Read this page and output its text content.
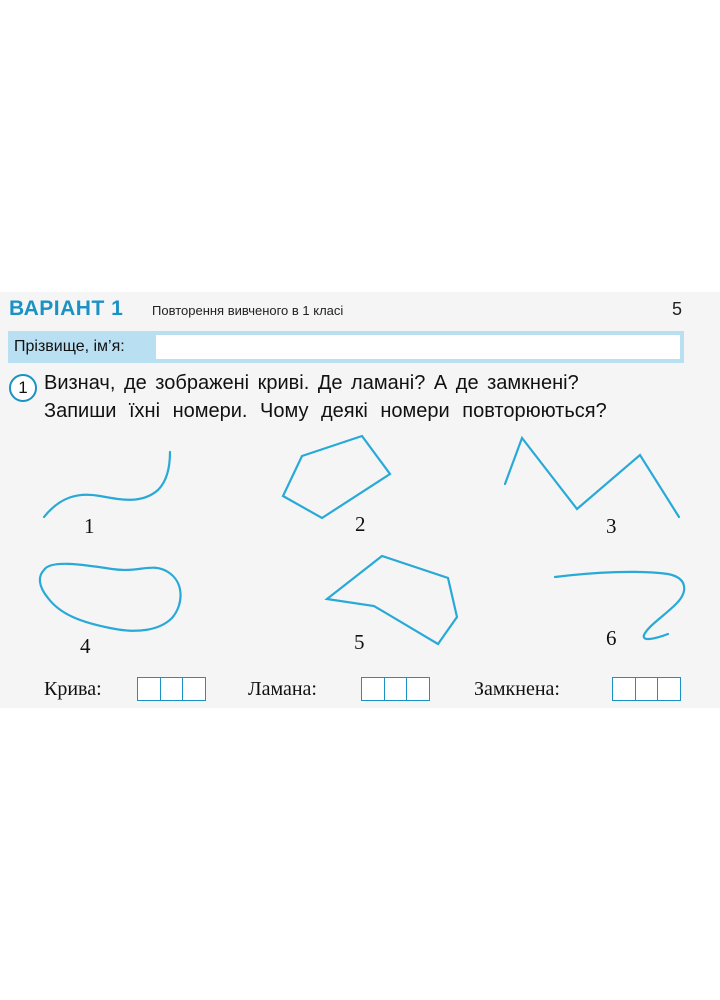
ВАРІАНТ 1 Повторення вивченого в 1 класі	5
Прізвище, ім’я:
1 Визнач, де зображені криві. Де ламані? А де замкнені?
Запиши їхні номери. Чому деякі номери повторюються?
1	2	3
4	5	6
Крива:	Ламана:	Замкнена:
